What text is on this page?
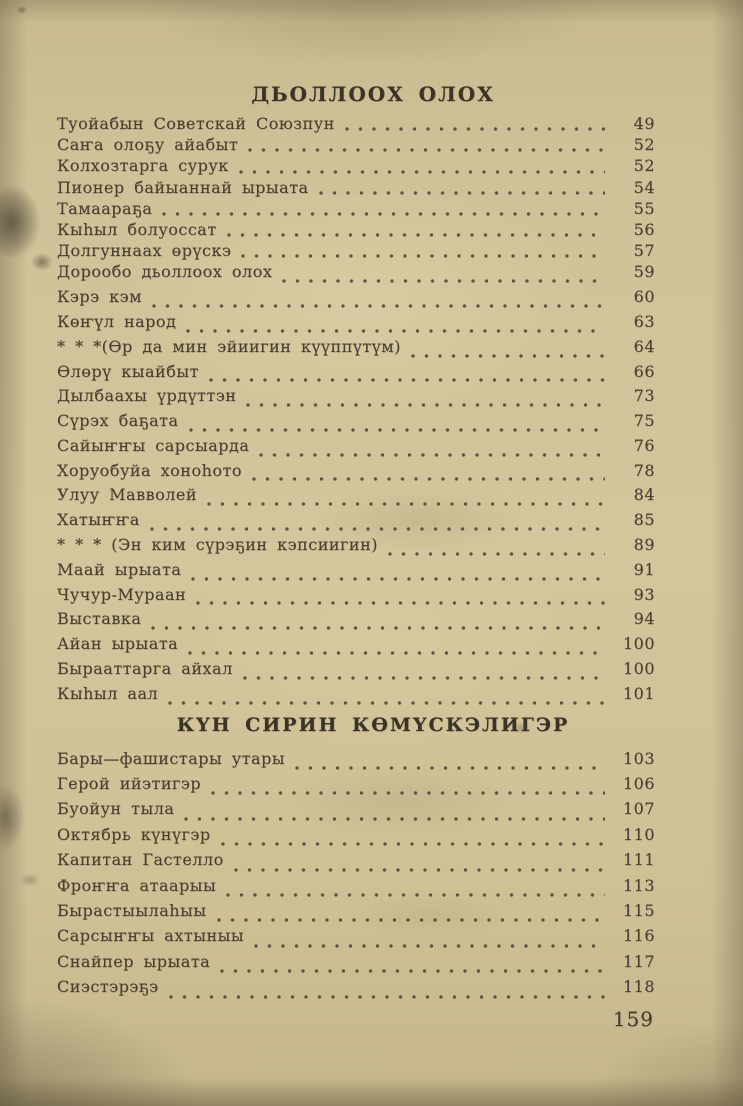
ДЬОЛЛООХ ОЛОХ
Туойабын Советскай Союзпун	49
Саҥа олоҕу айабыт	52
Колхозтарга сурук	52
Пионер байыаннай ырыата	54
Тамаараҕа	55
Кыһыл болуоссат	56
Долгуннаах өрүскэ	57
Дорообо дьоллоох олох	59
Кэрэ кэм	60
Көҥүл народ	63
* * *(Өр да мин эйиигин күүппүтүм)	64
Өлөрү кыайбыт	66
Дылбаахы үрдүттэн	73
Сүрэх баҕата	75
Сайыҥҥы сарсыарда	76
Хоруобуйа хоноһото	78
Улуу Мавволей	84
Хатыҥҥа	85
* * * (Эн ким сүрэҕин кэпсиигин)	89
Маай ырыата	91
Чучур-Мураан	93
Выставка	94
Айан ырыата	100
Бырааттарга айхал	100
Кыһыл аал	101
КҮН СИРИН КӨМҮСКЭЛИГЭР
Бары—фашистары утары	103
Герой ийэтигэр	106
Буойун тыла	107
Октябрь күнүгэр	110
Капитан Гастелло	111
Фроҥҥа атаарыы	113
Бырастыылаһыы	115
Сарсыҥҥы ахтыныы	116
Снайпер ырыата	117
Сиэстэрэҕэ	118
159
